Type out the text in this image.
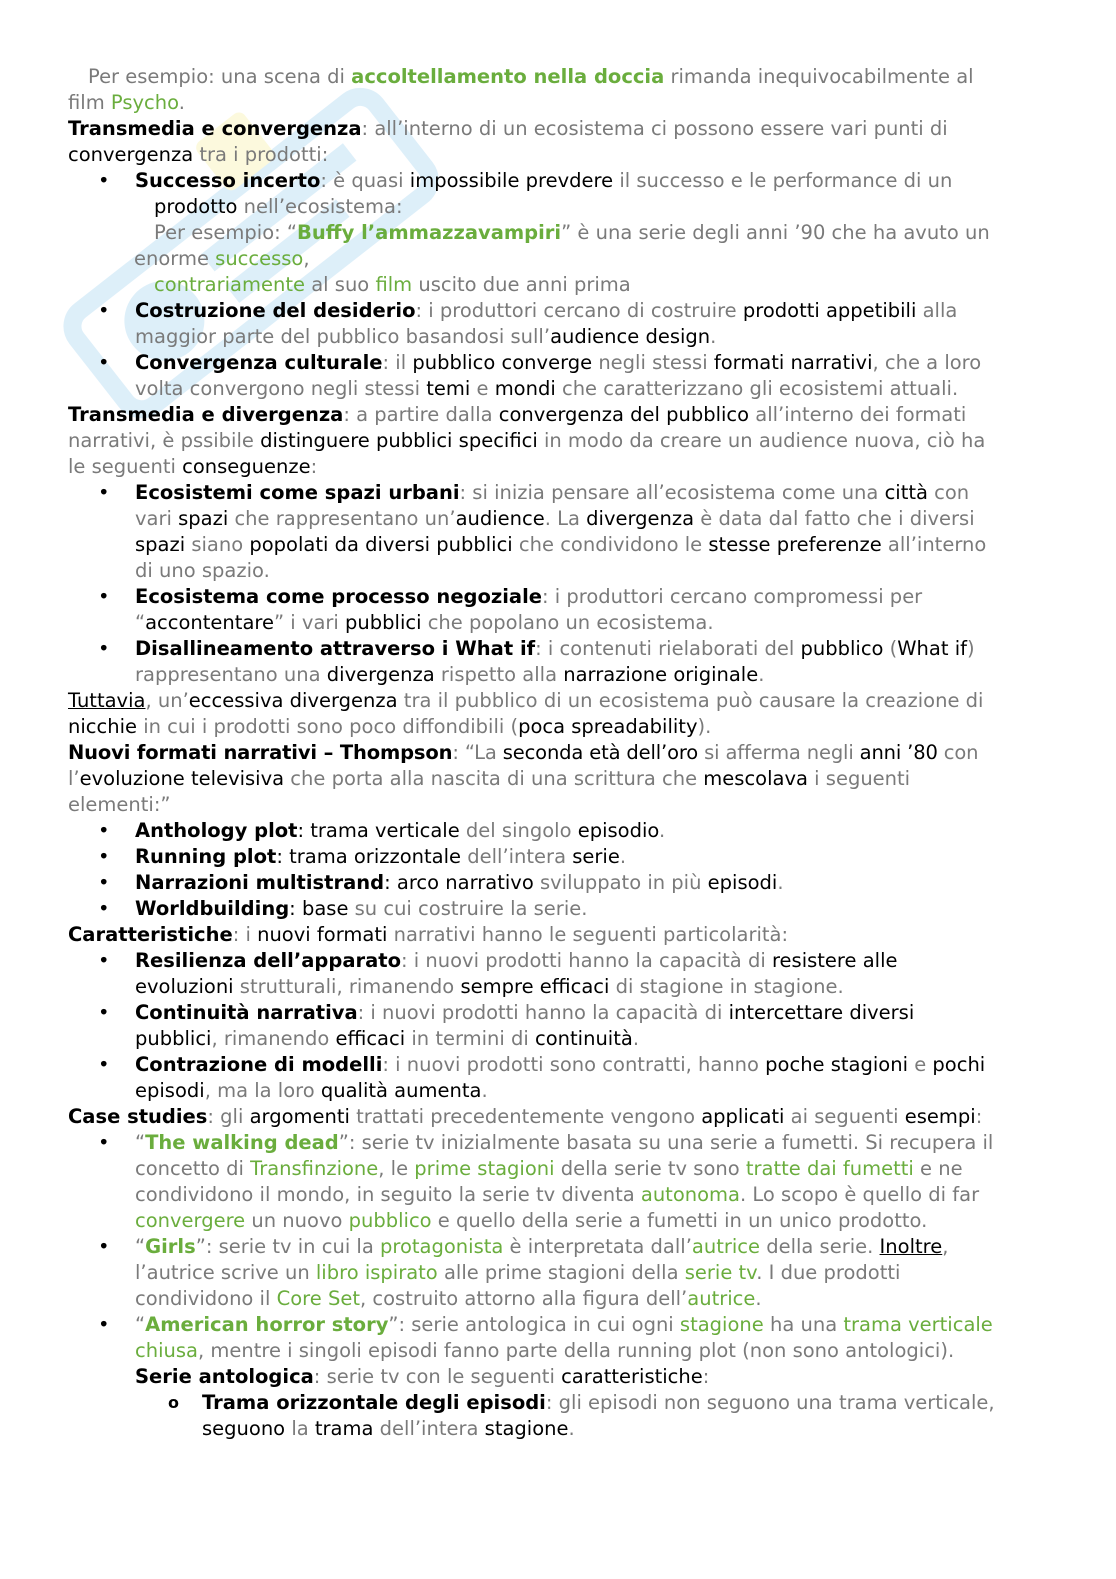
Per esempio: una scena di accoltellamento nella doccia rimanda inequivocabilmente al

film Psycho.

Transmedia e convergenza: all’interno di un ecosistema ci possono essere vari punti di

convergenza tra i prodotti:

• Successo incerto: è quasi impossibile prevdere il successo e le performance di un

prodotto nell’ecosistema:

Per esempio: “Buffy l’ammazzavampiri” è una serie degli anni ’90 che ha avuto un

enorme successo,

contrariamente al suo film uscito due anni prima

• Costruzione del desiderio: i produttori cercano di costruire prodotti appetibili alla

maggior parte del pubblico basandosi sull’audience design.

• Convergenza culturale: il pubblico converge negli stessi formati narrativi, che a loro

volta convergono negli stessi temi e mondi che caratterizzano gli ecosistemi attuali.

Transmedia e divergenza: a partire dalla convergenza del pubblico all’interno dei formati

narrativi, è pssibile distinguere pubblici specifici in modo da creare un audience nuova, ciò ha

le seguenti conseguenze:

• Ecosistemi come spazi urbani: si inizia pensare all’ecosistema come una città con

vari spazi che rappresentano un’audience. La divergenza è data dal fatto che i diversi

spazi siano popolati da diversi pubblici che condividono le stesse preferenze all’interno

di uno spazio.

• Ecosistema come processo negoziale: i produttori cercano compromessi per

“accontentare” i vari pubblici che popolano un ecosistema.

• Disallineamento attraverso i What if: i contenuti rielaborati del pubblico (What if)

rappresentano una divergenza rispetto alla narrazione originale.

Tuttavia, un’eccessiva divergenza tra il pubblico di un ecosistema può causare la creazione di

nicchie in cui i prodotti sono poco diffondibili (poca spreadability).

Nuovi formati narrativi – Thompson: “La seconda età dell’oro si afferma negli anni ’80 con

l’evoluzione televisiva che porta alla nascita di una scrittura che mescolava i seguenti

elementi:”

• Anthology plot: trama verticale del singolo episodio.

• Running plot: trama orizzontale dell’intera serie.

• Narrazioni multistrand: arco narrativo sviluppato in più episodi.

• Worldbuilding: base su cui costruire la serie.

Caratteristiche: i nuovi formati narrativi hanno le seguenti particolarità:

• Resilienza dell’apparato: i nuovi prodotti hanno la capacità di resistere alle

evoluzioni strutturali, rimanendo sempre efficaci di stagione in stagione.

• Continuità narrativa: i nuovi prodotti hanno la capacità di intercettare diversi

pubblici, rimanendo efficaci in termini di continuità.

• Contrazione di modelli: i nuovi prodotti sono contratti, hanno poche stagioni e pochi

episodi, ma la loro qualità aumenta.

Case studies: gli argomenti trattati precedentemente vengono applicati ai seguenti esempi:

• “The walking dead”: serie tv inizialmente basata su una serie a fumetti. Si recupera il

concetto di Transfinzione, le prime stagioni della serie tv sono tratte dai fumetti e ne

condividono il mondo, in seguito la serie tv diventa autonoma. Lo scopo è quello di far

convergere un nuovo pubblico e quello della serie a fumetti in un unico prodotto.

• “Girls”: serie tv in cui la protagonista è interpretata dall’autrice della serie. Inoltre,

l’autrice scrive un libro ispirato alle prime stagioni della serie tv. I due prodotti

condividono il Core Set, costruito attorno alla figura dell’autrice.

• “American horror story”: serie antologica in cui ogni stagione ha una trama verticale

chiusa, mentre i singoli episodi fanno parte della running plot (non sono antologici).

Serie antologica: serie tv con le seguenti caratteristiche:

o Trama orizzontale degli episodi: gli episodi non seguono una trama verticale,

seguono la trama dell’intera stagione.
